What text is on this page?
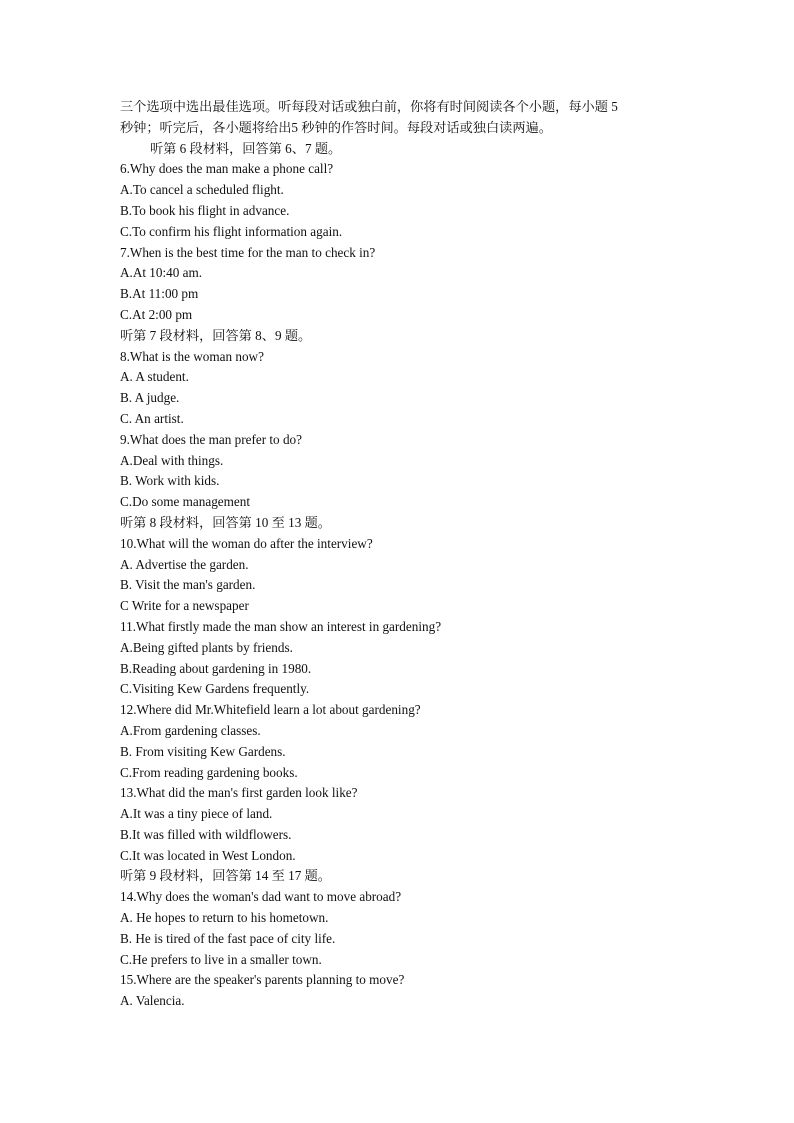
三个选项中选出最佳选项。听每段对话或独白前，你将有时间阅读各个小题，每小题 5
秒钟；听完后，各小题将给出5 秒钟的作答时间。每段对话或独白读两遍。
听第 6 段材料，回答第 6、7 题。
6.Why does the man make a phone call?
A.To cancel a scheduled flight.
B.To book his flight in advance.
C.To confirm his flight information again.
7.When is the best time for the man to check in?
A.At 10:40 am.
B.At 11:00 pm
C.At 2:00 pm
听第 7 段材料，回答第 8、9 题。
8.What is the woman now?
A. A student.
B. A judge.
C. An artist.
9.What does the man prefer to do?
A.Deal with things.
B. Work with kids.
C.Do some management
听第 8 段材料，回答第 10 至 13 题。
10.What will the woman do after the interview?
A. Advertise the garden.
B. Visit the man's garden.
C Write for a newspaper
11.What firstly made the man show an interest in gardening?
A.Being gifted plants by friends.
B.Reading about gardening in 1980.
C.Visiting Kew Gardens frequently.
12.Where did Mr.Whitefield learn a lot about gardening?
A.From gardening classes.
B. From visiting Kew Gardens.
C.From reading gardening books.
13.What did the man's first garden look like?
A.It was a tiny piece of land.
B.It was filled with wildflowers.
C.It was located in West London.
听第 9 段材料，回答第 14 至 17 题。
14.Why does the woman's dad want to move abroad?
A. He hopes to return to his hometown.
B. He is tired of the fast pace of city life.
C.He prefers to live in a smaller town.
15.Where are the speaker's parents planning to move?
A. Valencia.
